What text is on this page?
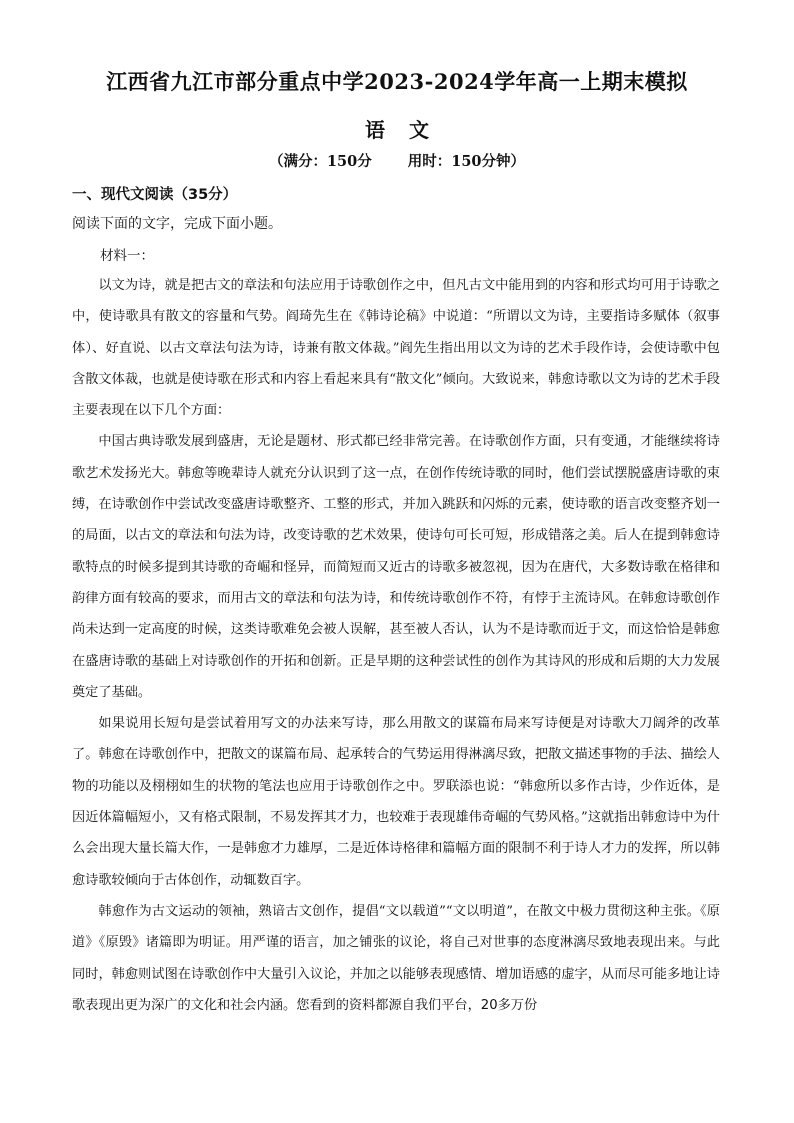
江西省九江市部分重点中学2023-2024学年高一上期末模拟
语文
（满分：150分 用时：150分钟）
一、现代文阅读（35分）
阅读下面的文字，完成下面小题。
材料一：

以文为诗，就是把古文的章法和句法应用于诗歌创作之中，但凡古文中能用到的内容和形式均可用于诗歌之中，使诗歌具有散文的容量和气势。阎琦先生在《韩诗论稿》中说道：“所谓以文为诗，主要指诗多赋体（叙事体）、好直说、以古文章法句法为诗，诗兼有散文体裁。”阎先生指出用以文为诗的艺术手段作诗，会使诗歌中包含散文体裁，也就是使诗歌在形式和内容上看起来具有“散文化”倾向。大致说来，韩愈诗歌以文为诗的艺术手段主要表现在以下几个方面：

中国古典诗歌发展到盛唐，无论是题材、形式都已经非常完善。在诗歌创作方面，只有变通，才能继续将诗歌艺术发扬光大。韩愈等晚辈诗人就充分认识到了这一点，在创作传统诗歌的同时，他们尝试摆脱盛唐诗歌的束缚，在诗歌创作中尝试改变盛唐诗歌整齐、工整的形式，并加入跳跃和闪烁的元素，使诗歌的语言改变整齐划一的局面，以古文的章法和句法为诗，改变诗歌的艺术效果，使诗句可长可短，形成错落之美。后人在提到韩愈诗歌特点的时候多提到其诗歌的奇崛和怪异，而简短而又近古的诗歌多被忽视，因为在唐代，大多数诗歌在格律和韵律方面有较高的要求，而用古文的章法和句法为诗，和传统诗歌创作不符，有悖于主流诗风。在韩愈诗歌创作尚未达到一定高度的时候，这类诗歌难免会被人误解，甚至被人否认，认为不是诗歌而近于文，而这恰恰是韩愈在盛唐诗歌的基础上对诗歌创作的开拓和创新。正是早期的这种尝试性的创作为其诗风的形成和后期的大力发展奠定了基础。

如果说用长短句是尝试着用写文的办法来写诗，那么用散文的谋篇布局来写诗便是对诗歌大刀阔斧的改革了。韩愈在诗歌创作中，把散文的谋篇布局、起承转合的气势运用得淋漓尽致，把散文描述事物的手法、描绘人物的功能以及栩栩如生的状物的笔法也应用于诗歌创作之中。罗联添也说：“韩愈所以多作古诗，少作近体，是因近体篇幅短小，又有格式限制，不易发挥其才力，也较难于表现雄伟奇崛的气势风格。”这就指出韩愈诗中为什么会出现大量长篇大作，一是韩愈才力雄厚，二是近体诗格律和篇幅方面的限制不利于诗人才力的发挥，所以韩愈诗歌较倾向于古体创作，动辄数百字。

韩愈作为古文运动的领袖，熟谙古文创作，提倡“文以载道”“文以明道”，在散文中极力贯彻这种主张。《原道》《原毁》诸篇即为明证。用严谨的语言，加之铺张的议论，将自己对世事的态度淋漓尽致地表现出来。与此同时，韩愈则试图在诗歌创作中大量引入议论，并加之以能够表现感情、增加语感的虚字，从而尽可能多地让诗歌表现出更为深广的文化和社会内涵。您看到的资料都源自我们平台，20多万份
